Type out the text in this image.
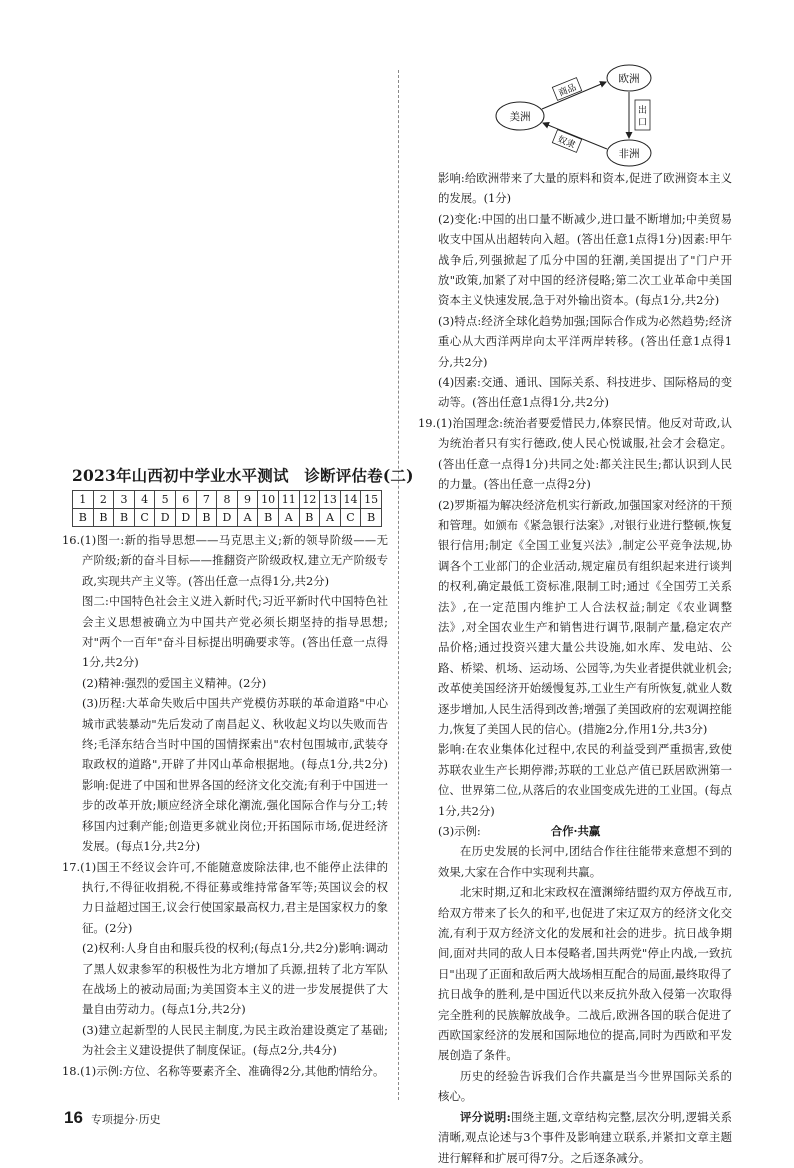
欧洲
美洲
非洲
商品
出
口
奴隶

影响:给欧洲带来了大量的原料和资本,促进了欧洲资本主义的发展。(1分)

(2)变化:中国的出口量不断减少,进口量不断增加;中美贸易收支中国从出超转向入超。(答出任意1点得1分)因素:甲午战争后,列强掀起了瓜分中国的狂潮,美国提出了"门户开放"政策,加紧了对中国的经济侵略;第二次工业革命中美国资本主义快速发展,急于对外输出资本。(每点1分,共2分)

(3)特点:经济全球化趋势加强;国际合作成为必然趋势;经济重心从大西洋两岸向太平洋两岸转移。(答出任意1点得1分,共2分)

(4)因素:交通、通讯、国际关系、科技进步、国际格局的变动等。(答出任意1点得1分,共2分)

19.(1)治国理念:统治者要爱惜民力,体察民情。他反对苛政,认为统治者只有实行德政,使人民心悦诚服,社会才会稳定。(答出任意一点得1分)共同之处:都关注民生;都认识到人民的力量。(答出任意一点得2分)

(2)罗斯福为解决经济危机实行新政,加强国家对经济的干预和管理。如颁布《紧急银行法案》,对银行业进行整顿,恢复银行信用;制定《全国工业复兴法》,制定公平竞争法规,协调各个工业部门的企业活动,规定雇员有组织起来进行谈判的权利,确定最低工资标准,限制工时;通过《全国劳工关系法》,在一定范围内维护工人合法权益;制定《农业调整法》,对全国农业生产和销售进行调节,限制产量,稳定农产品价格;通过投资兴建大量公共设施,如水库、发电站、公路、桥梁、机场、运动场、公园等,为失业者提供就业机会;改革使美国经济开始缓慢复苏,工业生产有所恢复,就业人数逐步增加,人民生活得到改善;增强了美国政府的宏观调控能力,恢复了美国人民的信心。(措施2分,作用1分,共3分)

影响:在农业集体化过程中,农民的利益受到严重损害,致使苏联农业生产长期停滞;苏联的工业总产值已跃居欧洲第一位、世界第二位,从落后的农业国变成先进的工业国。(每点1分,共2分)

(3)示例:	合作·共赢

在历史发展的长河中,团结合作往往能带来意想不到的效果,大家在合作中实现利共赢。

北宋时期,辽和北宋政权在澶渊缔结盟约双方停战互市,给双方带来了长久的和平,也促进了宋辽双方的经济文化交流,有利于双方经济文化的发展和社会的进步。抗日战争期间,面对共同的敌人日本侵略者,国共两党"停止内战,一致抗日"出现了正面和敌后两大战场相互配合的局面,最终取得了抗日战争的胜利,是中国近代以来反抗外敌入侵第一次取得完全胜利的民族解放战争。二战后,欧洲各国的联合促进了西欧国家经济的发展和国际地位的提高,同时为西欧和平发展创造了条件。

历史的经验告诉我们合作共赢是当今世界国际关系的核心。

评分说明:围绕主题,文章结构完整,层次分明,逻辑关系清晰,观点论述与3个事件及影响建立联系,并紧扣文章主题进行解释和扩展可得7分。之后逐条减分。

2023年山西初中学业水平测试　诊断评估卷(二)
1	2	3	4	5	6	7	8	9	10	11	12	13	14	15
B	B	B	C	D	D	B	D	A	B	A	B	A	C	B

16.(1)图一:新的指导思想——马克思主义;新的领导阶级——无产阶级;新的奋斗目标——推翻资产阶级政权,建立无产阶级专政,实现共产主义等。(答出任意一点得1分,共2分)

图二:中国特色社会主义进入新时代;习近平新时代中国特色社会主义思想被确立为中国共产党必须长期坚持的指导思想;对"两个一百年"奋斗目标提出明确要求等。(答出任意一点得1分,共2分)

(2)精神:强烈的爱国主义精神。(2分)

(3)历程:大革命失败后中国共产党模仿苏联的革命道路"中心城市武装暴动"先后发动了南昌起义、秋收起义均以失败而告终;毛泽东结合当时中国的国情探索出"农村包围城市,武装夺取政权的道路",开辟了井冈山革命根据地。(每点1分,共2分)影响:促进了中国和世界各国的经济文化交流;有利于中国进一步的改革开放;顺应经济全球化潮流,强化国际合作与分工;转移国内过剩产能;创造更多就业岗位;开拓国际市场,促进经济发展。(每点1分,共2分)

17.(1)国王不经议会许可,不能随意废除法律,也不能停止法律的执行,不得征收捐税,不得征募或维持常备军等;英国议会的权力日益超过国王,议会行使国家最高权力,君主是国家权力的象征。(2分)

(2)权利:人身自由和服兵役的权利;(每点1分,共2分)影响:调动了黑人奴隶参军的积极性为北方增加了兵源,扭转了北方军队在战场上的被动局面;为美国资本主义的进一步发展提供了大量自由劳动力。(每点1分,共2分)

(3)建立起新型的人民民主制度,为民主政治建设奠定了基础;为社会主义建设提供了制度保证。(每点2分,共4分)

18.(1)示例:方位、名称等要素齐全、准确得2分,其他酌情给分。

16 专项提分·历史
